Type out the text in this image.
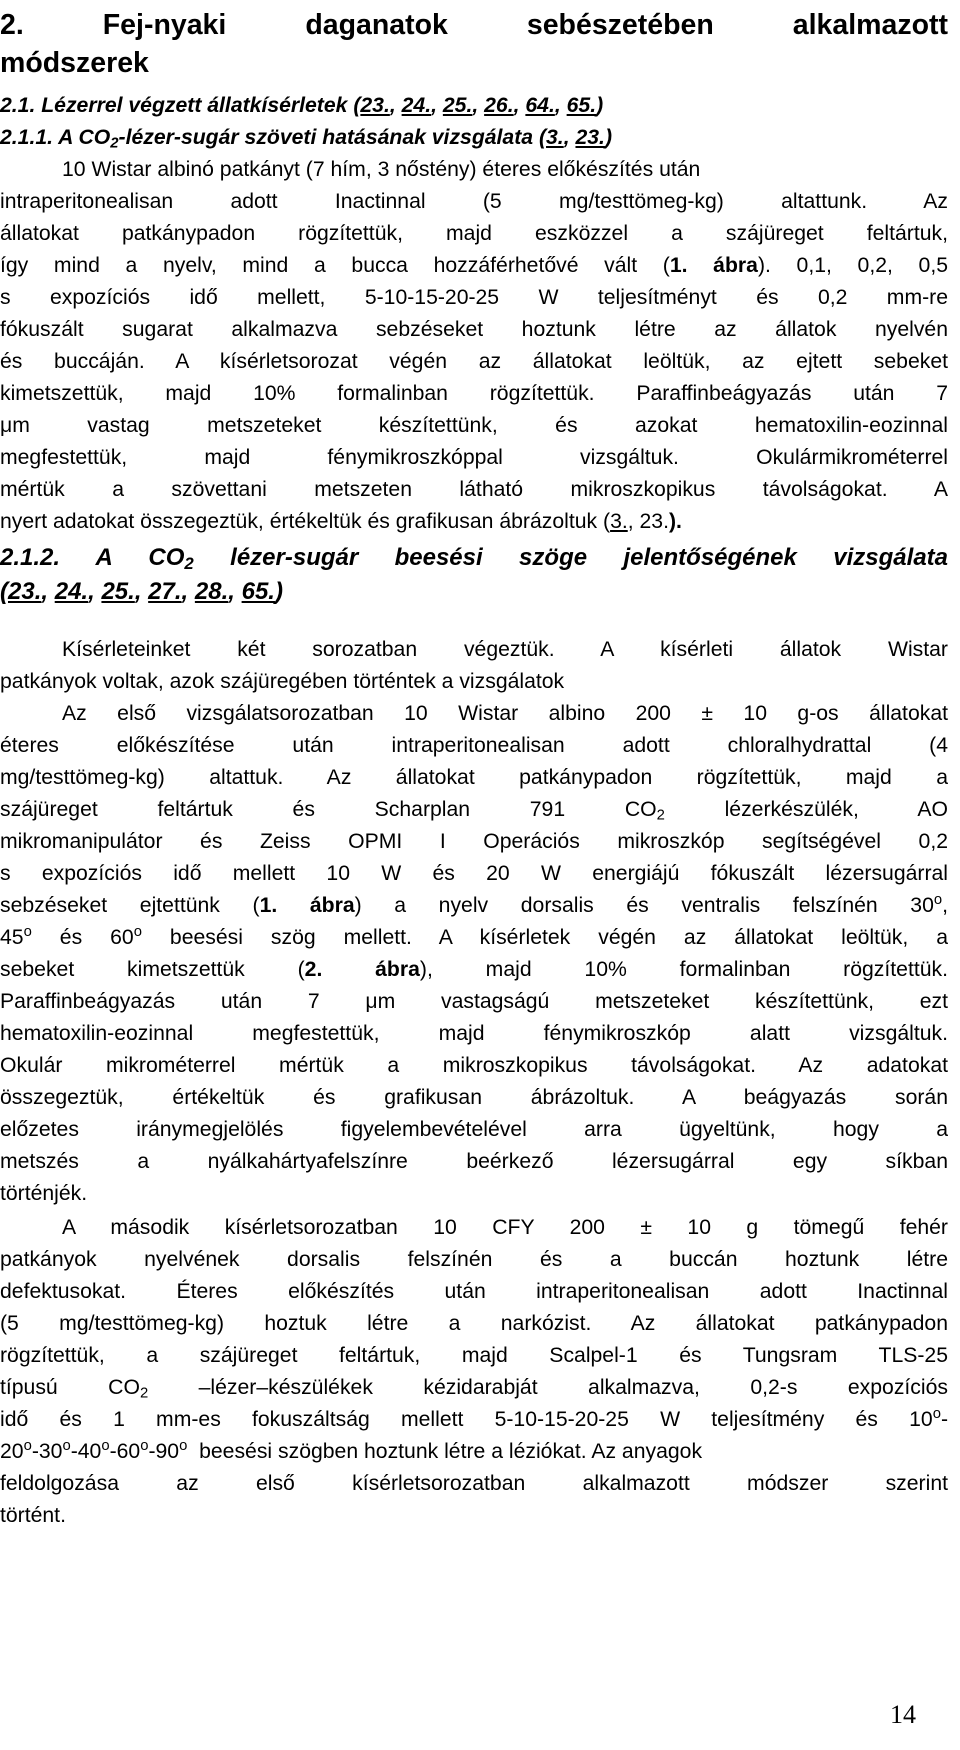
2. Fej-nyaki daganatok sebészetében alkalmazott
módszerek
2.1. Lézerrel végzett állatkísérletek (23., 24., 25., 26., 64., 65.)
2.1.1. A $CO_2-lézer$-sugár szöveti hatásának vizsgálata (3., 23.)
10 Wistar albinó patkányt (7 hím, 3 nőstény) éteres előkészítés után
intraperitonealisan adott Inactinnal (5 mg/testtömeg-kg) altattunk. Az
állatokat patkánypadon rögzítettük, majd eszközzel a szájüreget feltártuk,
így mind a nyelv, mind a bucca hozzáférhetővé vált (1. ábra). 0,1, 0,2, 0,5
s expozíciós idő mellett, 5-10-15-20-25 W teljesítményt és 0,2 mm-re
fókuszált sugarat alkalmazva sebzéseket hoztunk létre az állatok nyelvén
és buccáján. A kísérletsorozat végén az állatokat leöltük, az ejtett sebeket
kimetszettük, majd 10% formalinban rögzítettük. Paraffinbeágyazás után 7
μm vastag metszeteket készítettünk, és azokat hematoxilin-eozinnal
megfestettük, majd fénymikroszkóppal vizsgáltuk. Okulármikrométerrel
mértük a szövettani metszeten látható mikroszkopikus távolságokat. A
nyert adatokat összegeztük, értékeltük és grafikusan ábrázoltuk (3., 23.).
2.1.2. A $CO_2$ lézer-sugár beesési szöge jelentőségének vizsgálata
(23., 24., 25., 27., 28., 65.)
Kísérleteinket két sorozatban végeztük. A kísérleti állatok Wistar
patkányok voltak, azok szájüregében történtek a vizsgálatok
Az első vizsgálatsorozatban 10 Wistar albino 200 ± 10 g-os állatokat
éteres előkészítése után intraperitonealisan adott chloralhydrattal (4
mg/testtömeg-kg) altattuk. Az állatokat patkánypadon rögzítettük, majd a
szájüreget feltártuk és Scharplan 791 $CO_2$ lézerkészülék, AO
mikromanipulátor és Zeiss OPMI I Operációs mikroszkóp segítségével 0,2
s expozíciós idő mellett 10 W és 20 W energiájú fókuszált lézersugárral
sebzéseket ejtettünk (1. ábra) a nyelv dorsalis és ventralis felszínén 30$^o$,
45$^o$ és 60$^o$ beesési szög mellett. A kísérletek végén az állatokat leöltük, a
sebeket kimetszettük (2. ábra), majd 10% formalinban rögzítettük.
Paraffinbeágyazás után 7 μm vastagságú metszeteket készítettünk, ezt
hematoxilin-eozinnal megfestettük, majd fénymikroszkóp alatt vizsgáltuk.
Okulár mikrométerrel mértük a mikroszkopikus távolságokat. Az adatokat
összegeztük, értékeltük és grafikusan ábrázoltuk. A beágyazás során
előzetes iránymegjelölés figyelembevételével arra ügyeltünk, hogy a
metszés a nyálkahártyafelszínre beérkező lézersugárral egy síkban
történjék.
A második kísérletsorozatban 10 CFY 200 ± 10 g tömegű fehér
patkányok nyelvének dorsalis felszínén és a buccán hoztunk létre
defektusokat. Éteres előkészítés után intraperitonealisan adott Inactinnal
(5 mg/testtömeg-kg) hoztuk létre a narkózist. Az állatokat patkánypadon
rögzítettük, a szájüreget feltártuk, majd Scalpel-1 és Tungsram TLS-25
típusú $CO_2$ –lézer–készülékek kézidarabját alkalmazva, 0,2-s expozíciós
idő és 1 mm-es fokuszáltság mellett 5-10-15-20-25 W teljesítmény és 10$^o$-
20$^o$-30$^o$-40$^o$-60$^o$-90$^o$  beesési szögben hoztunk létre a léziókat. Az anyagok
feldolgozása az első kísérletsorozatban alkalmazott módszer szerint
történt.
14
